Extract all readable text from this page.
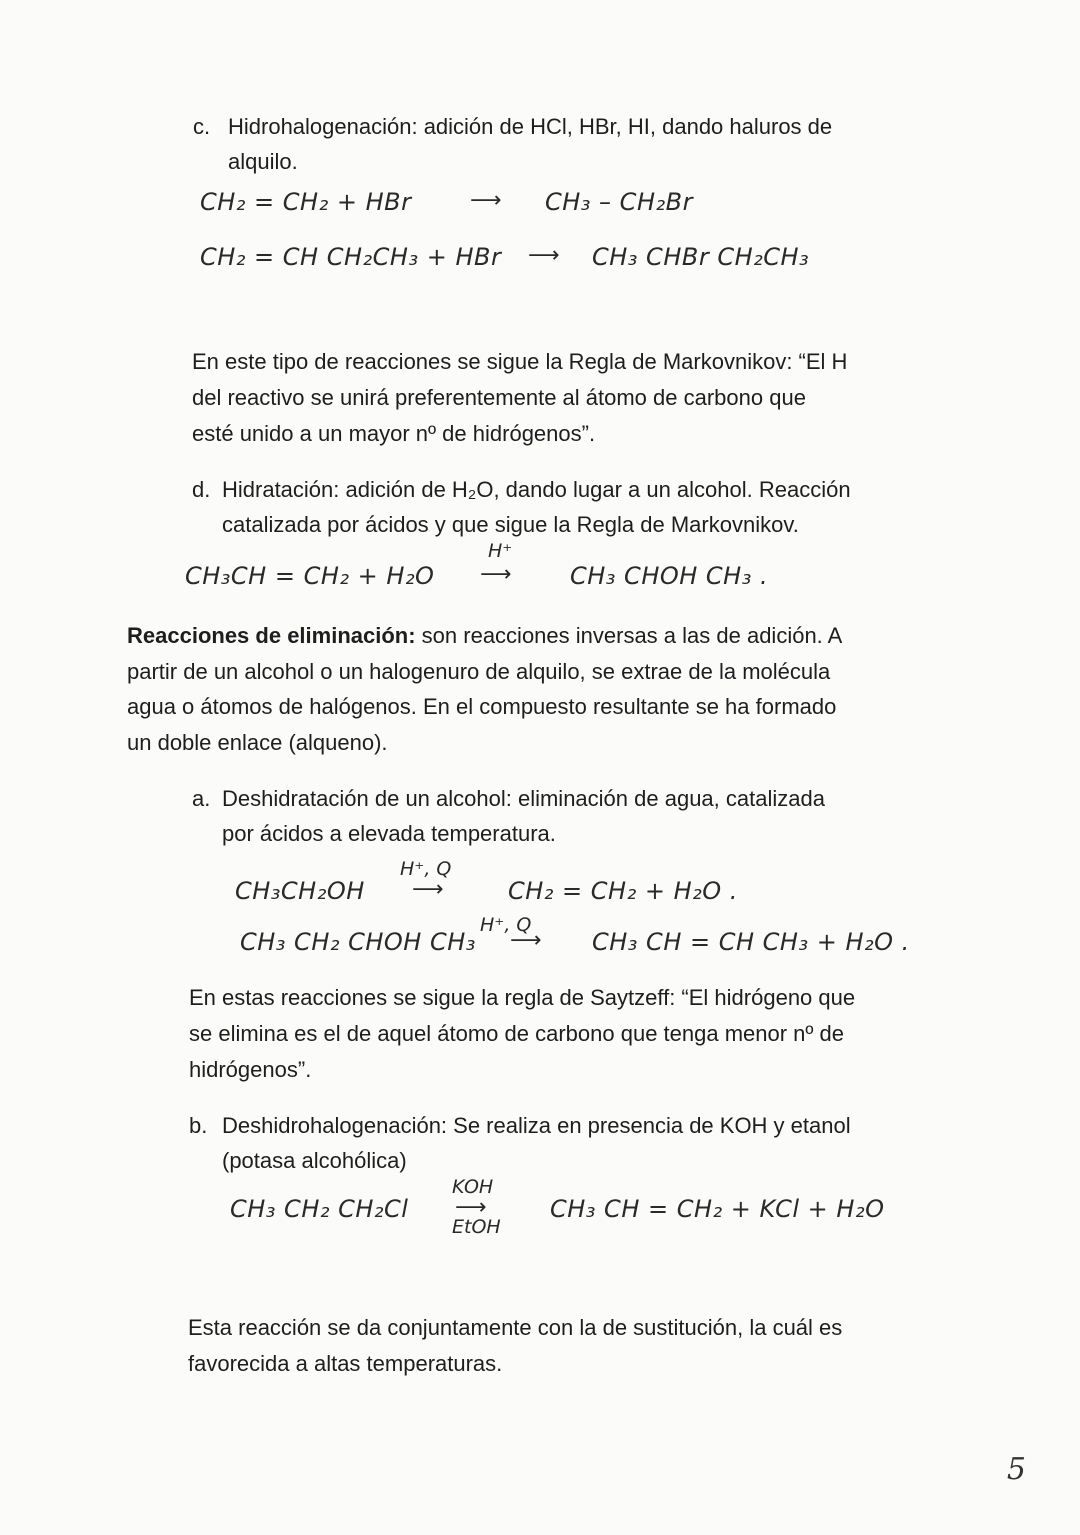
c. Hidrohalogenación: adición de HCl, HBr, HI, dando haluros de
alquilo.
CH₂ = CH₂ + HBr	⟶ CH₃ – CH₂Br
CH₂ = CH CH₂CH₃ + HBr ⟶ CH₃ CHBr CH₂CH₃
En este tipo de reacciones se sigue la Regla de Markovnikov: “El H
del reactivo se unirá preferentemente al átomo de carbono que
esté unido a un mayor nº de hidrógenos”.
d. Hidratación: adición de H₂O, dando lugar a un alcohol. Reacción
catalizada por ácidos y que sigue la Regla de Markovnikov.
CH₃CH = CH₂ + H₂O
H⁺
⟶ CH₃ CHOH CH₃ .
Reacciones de eliminación: son reacciones inversas a las de adición. A
partir de un alcohol o un halogenuro de alquilo, se extrae de la molécula
agua o átomos de halógenos. En el compuesto resultante se ha formado
un doble enlace (alqueno).
a. Deshidratación de un alcohol: eliminación de agua, catalizada
por ácidos a elevada temperatura.
CH₃CH₂OH
H⁺, Q
⟶	CH₂ = CH₂ + H₂O .
CH₃ CH₂ CHOH CH₃
H⁺, Q
⟶ CH₃ CH = CH CH₃ + H₂O .
En estas reacciones se sigue la regla de Saytzeff: “El hidrógeno que
se elimina es el de aquel átomo de carbono que tenga menor nº de
hidrógenos”.
b. Deshidrohalogenación: Se realiza en presencia de KOH y etanol
(potasa alcohólica)
CH₃ CH₂ CH₂Cl
KOH
⟶
EtOH
CH₃ CH = CH₂ + KCl + H₂O
Esta reacción se da conjuntamente con la de sustitución, la cuál es
favorecida a altas temperaturas.
5
